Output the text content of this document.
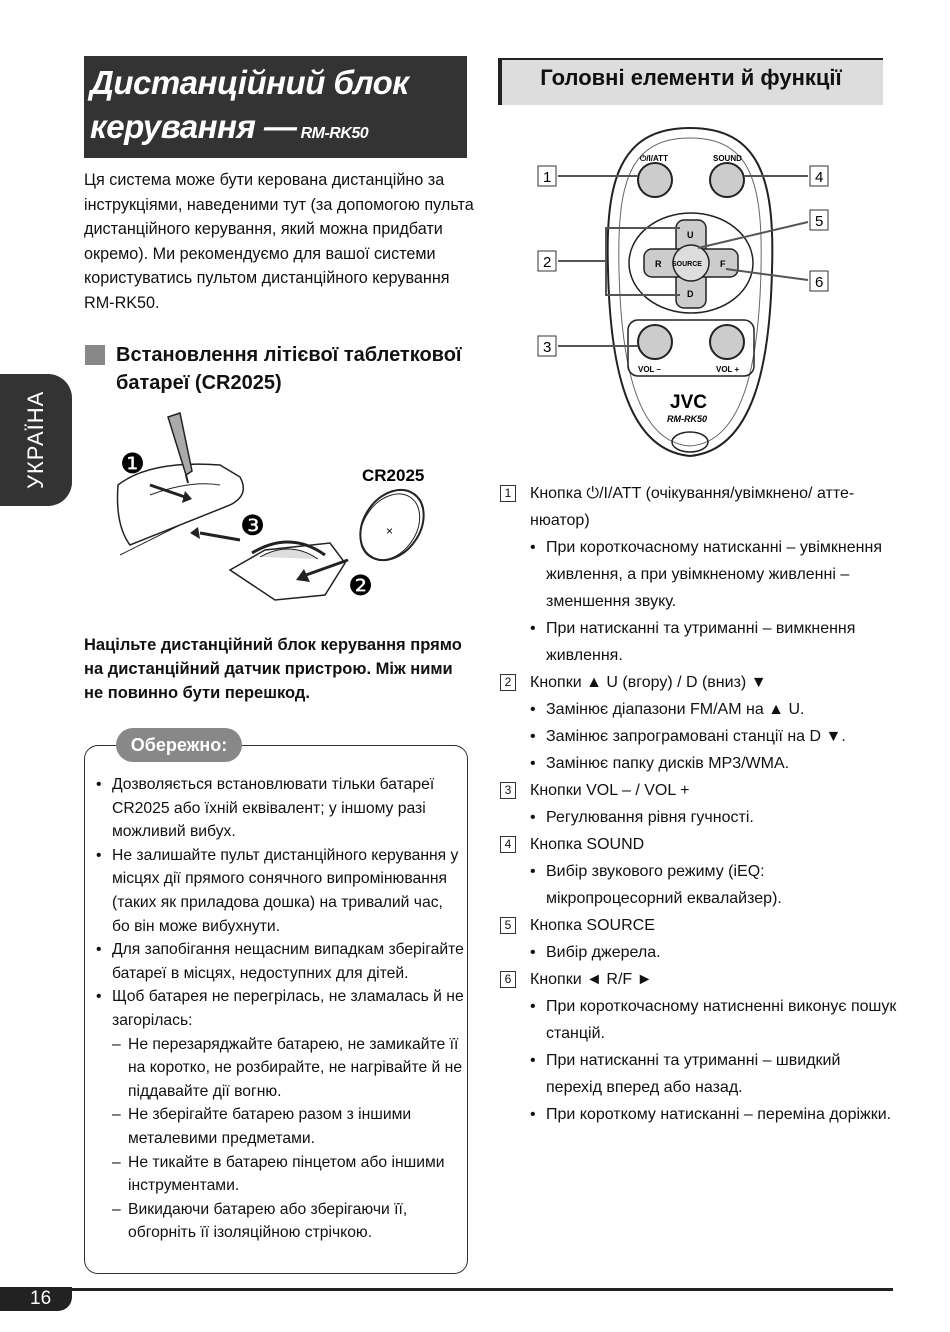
Дистанційний блок
керування — RM-RK50
Ця система може бути керована дистанційно за інструкціями, наведеними тут (за допомогою пульта дистанційного керування, який можна придбати окремо). Ми рекомендуємо для вашої системи користуватись пультом дистанційного керування RM-RK50.
Встановлення літієвої таблеткової
батареї (CR2025)
×
CR2025
❶
❷
❸
Націльте дистанційний блок керування прямо на дистанційний датчик пристрою. Між ними не повинно бути перешкод.
Обережно:
• Дозволяється встановлювати тільки батареї CR2025 або їхній еквівалент; у іншому разі можливий вибух.
• Не залишайте пульт дистанційного керування у місцях дії прямого сонячного випромінювання (таких як приладова дошка) на тривалий час, бо він може вибухнути.
• Для запобігання нещасним випадкам зберігайте батареї в місцях, недоступних для дітей.
• Щоб батарея не перегрілась, не зламалась й не загорілась:
– Не перезаряджайте батарею, не замикайте її на коротко, не розбирайте, не нагрівайте й не піддавайте дії вогню.
– Не зберігайте батарею разом з іншими металевими предметами.
– Не тикайте в батарею пінцетом або іншими інструментами.
– Викидаючи батарею або зберігаючи її, обгорніть її ізоляційною стрічкою.
Головні елементи й функції
⏻/I/ATT	SOUND
U
D
R	F
SOURCE
VOL –	VOL +
JVC
RM-RK50
1
2
3
4
5
6
1 Кнопка ⏻/I/ATT (очікування/увімкнено/ аттенюатор)
• При короткочасному натисканні – увімкнення живлення, а при увімкненому живленні – зменшення звуку.
• При натисканні та утриманні – вимкнення живлення.
2 Кнопки ▲ U (вгору) / D (вниз) ▼
• Замінює діапазони FM/AM на ▲ U.
• Замінює запрограмовані станції на D ▼.
• Замінює папку дисків MP3/WMA.
3 Кнопки VOL – / VOL +
• Регулювання рівня гучності.
4 Кнопка SOUND
• Вибір звукового режиму (iEQ: мікропроцесорний еквалайзер).
5 Кнопка SOURCE
• Вибір джерела.
6 Кнопки ◄ R/F ►
• При короткочасному натисненні виконує пошук станцій.
• При натисканні та утриманні – швидкий перехід вперед або назад.
• При короткому натисканні – переміна доріжки.
УКРАЇНА
16
